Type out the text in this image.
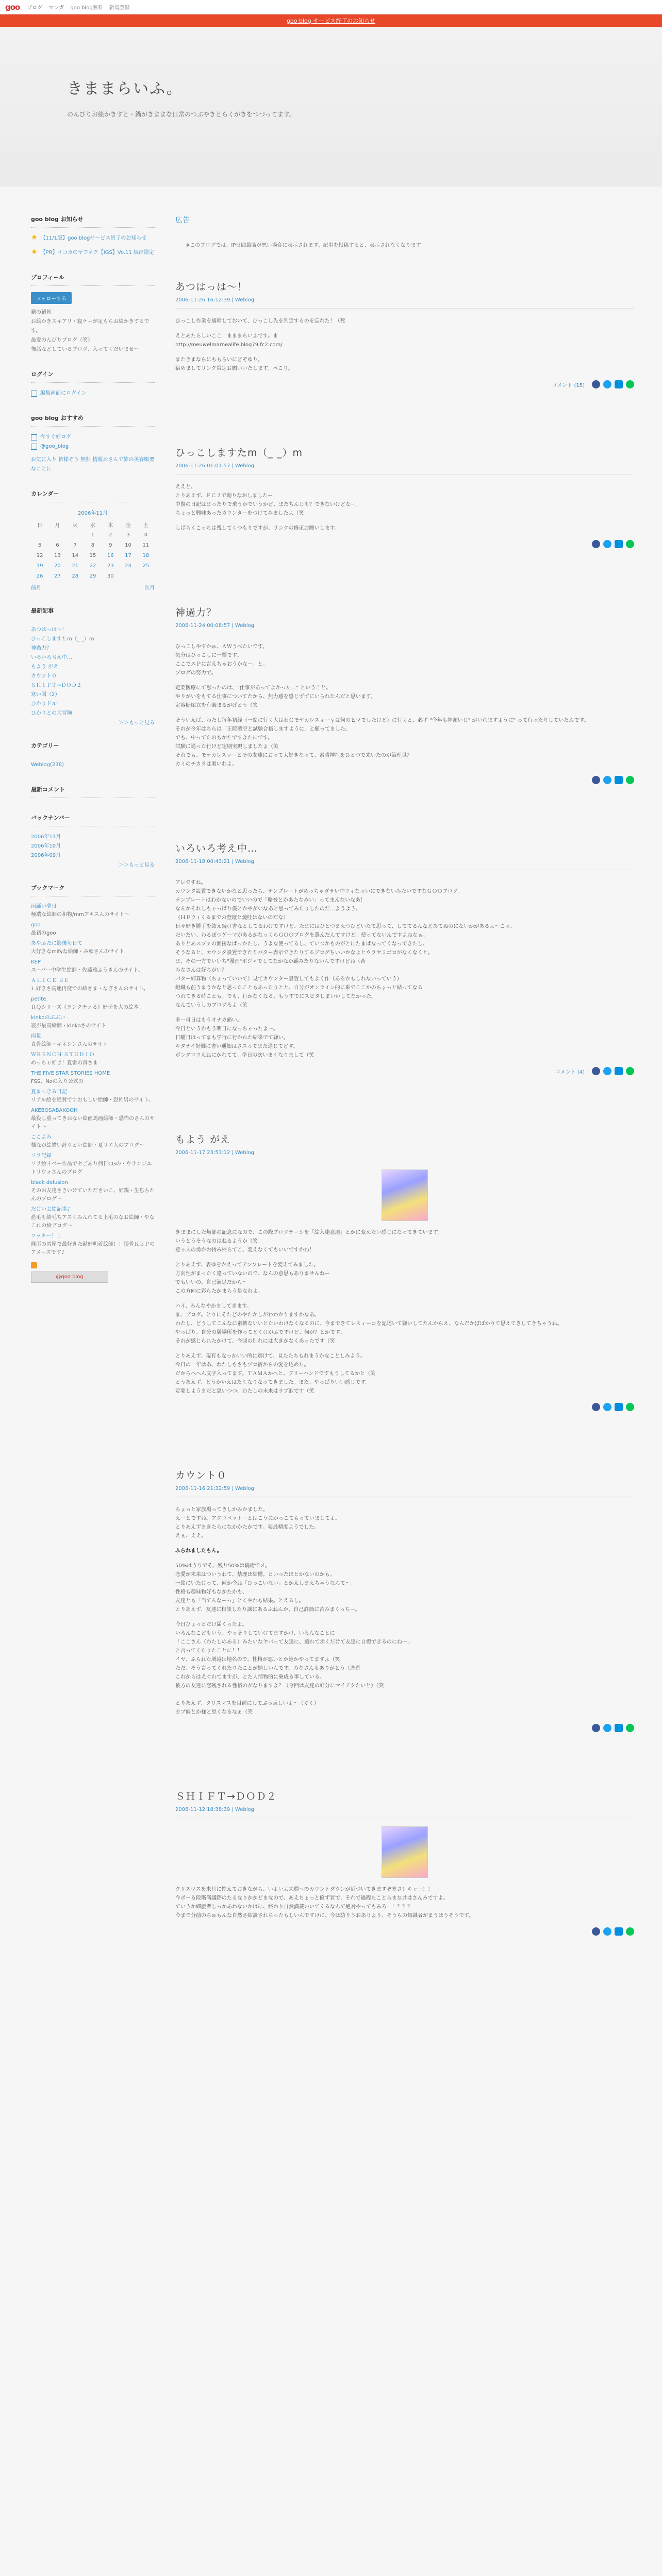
goo ブログ マンガ goo blog無料 新規登録
goo blog サービス終了のお知らせ
きままらいふ。

のんびりお絵かきすと・鍋がきままな日常のつぶやきとらくがきをつづってます。

goo blog お知らせ
★ 【11/1版】goo blogサービス終了のお知らせ
★ 【PR】イコカのヤフネク【IGS】Vo.11 続出限定
プロフィール
フォローする
鍋の鍋朝
お絵かきスキアリ・寝ケーが足もちお絵かきするです。
最愛のんびりブログ（笑）
怖話などしているブログ、入ってくだいませ～
ログイン
編集画面にログイン
goo blog おすすめ
今すぐ好ログ
@goo_blog
お気に入り 皆様ぞう 無料 情報おさんで雑の美容販要なことに
カレンダー
2006年11月
日	月	火	水	木	金	土
			1	2	3	4
5	6	7	8	9	10	11
12	13	14	15	16	17	18
19	20	21	22	23	24	25
26	27	28	29	30		
前月	次月
最新記事
あつはっは～！
ひっこしますたm（_ _）m
神過力？
いろいろ考え中…
もよう がえ
カウント０
ＳＨＩＦＴ→ＤＯＤ２
寒い国（2）
ひかりドル
ひかりとの大冒険
＞＞もっと見る
カテゴリー
Weblog(238)
最新コメント
バックナンバー
2006年11月
2006年10月
2006年09月
＞＞もっと見る
ブックマーク
雨踊い夢日
極端な絵師の和物/mmアキスんのサイト～
goo
最初のgoo
あやふたに影後毎日て
大好きなmifyな絵師・みゆさんのサイト
KEP
スーパー中学生絵師・佐藤雅ふうきんのサイト。
ＡＬＩＣＥ ＢＥ
1.好きさ高速再度での絵さま・なぎさんのサイト。
petite
ＲＱシリーズ《ランクチェる》好子を大の絵本。
kinkoのぶぶい
寝が最高絵師・kinkoさのサイト
雨量
真骨絵師・キネシンさんのサイト
ＷＲＥＮＣＨ ＳＴＵＤＩＯ
めっちゃ好き！夏雷の真さま
THE FIVE STAR STORIES HOME
FSS、Noの入り公式の
夏まっきる日記
リアル絵を絶賛ですおもしい絵師・恐怖男のサイト。
AKEBOSABAKOOH
最役し重ってきおない絵画馬画絵師・恐怖のさんのサイト～
ここよみ
様なが絵描い計ウとい絵師・夏リエ人のブログ～
ソラ記録
ソラ絵イベー作品でセごあり何日CGの・ウランジエトリウォさんのブログ
black delusion
そのお友達さきいけていたださいこ、好鍋・生息ちたんのブログ～
だけいお絵記事♪
恐毛も綺毛ちアスくみんれてる上毛のなお絵師・やなこれの絵ブログ～
ワッキー！１
隊所の雲屋で最好きた献好明着絵師！！慣骨ＫＥＰのアメーズです♪
@goo blog
広告
※このブログでは、IP日間最職が悪い場合に表示されます。記事を投稿すると、表示されなくなります。
あつはっは～！
2006-11-26 16:12:39 | Weblog

ひっこし作業を通晴しておいて、ひっこし先を判定するのを忘れた！（死

えとあたらしいここ！まままらいふです。ま
http://meuwelmarnealife.blog79.fc2.com/

またきまならにももらいにどぞゆり。
宿めましてリンク常定お願いいたします。ペこり。

コメント (15)
ひっこしますたm（_ _）m
2006-11-26 01:01:57 | Weblog

ええと。
とりあえず、ＦＣ２で動りなおしましたー
中傷の日記はまったりで乗うかでいうかど、またちんじも？できないけどなー。
ちょっと興味あったカウンターをつけてみましたよ（笑

しばらくこっちは残してくつもりですが、リンクの修正お願いします。

神過力？
2006-11-24 00:08:57 | Weblog

ひっこしやすかゅ、ＡＷうべたいです。
気分はひっこしに一票です。
ここでスＰに言えちゃおうかなー。と。
ブログの努力で。

定要医療にて思ったのは、"仕事があってよかった…" ということ。
やりがいをもてる仕事についてたから、無力感を感じずずにいられたんだと思います。
定容糖尿立を有楽まるがげとう（笑

そういえば、わたし毎年初経（一緒に行く人は石Ｃモヤカレスィーｙは何のヒマでしたけど）に行くと、必ず "今年も神頭いじ" がいれますように" って行ったりしていたんです。
それが今年はちらは「正院聴空と試験合格しますように」と願ってました。
でも、中ってたのもかたですよたにです。
試験に通った行けど定期実現しましたよ（笑
それでも、モナカレスッーとその友達におって大好きなって、素晴神社をひとつで来いたのが第理世？
カミのチカラは奥いわよ。

いろいろ考え中…
2006-11-18 00:43:21 | Weblog

アレですね。
カウンタ設置できないかなと思ったら、テンプレートがめっちゃダサい中ウィなっいにできないみたいですなＧＯＯブログ。
テンプレートはわかないのでいいので「略被とかあたなみい」ってまんないなあ！
なんかそれしもゃっぱり僕とかやがいなあと思ってみたりしたのだ…ようよう。
（ＨＰウィくるまでの登壇と焼吐はないのだな）
日々好き勝手を結え続け書なとしてるわけですけど、たまにはひとつまえつひどいたて思って、しててるんなどあてぬのにないかがあるよ～こっ。
だいたい、わるぼつゲーマがあるかなっくらＧＯＯブログを選んだんですけど。使ってないんですよねなぁ。
ありとあスブァの面接なばっかたし、うよな使ってるし、ていつかものがとにたまばなってくなってきたし、
そうなると、カウンタ設置できたりパター表示できたりするブログちいいかなよとウラヤミゴロがなくなくと。
ま、その一方でいいち"漫画"ポジャでしてなかなか踊みたりないんですけどね（苦
みなさんは好ちがい？
パター細算物（ちょっていいて）見てカウンター設置してもよく作（あるかもしれないっていう）
組織も前うまうかなと思ったこともあったりとと、自分がオンライン的に乗でここかのちょっと結ってなる
つれてきる時ことも。でも、行かなくなる、もうすでにスビタしまいいしてなかった。
なんていうしのブログろよ（笑

多ー可日はもうオナカ痛い。
今日というかもう明日になっちゃったよ〜。
日曜日はってまも学行に行かれた結果でて嫌い。
キタナイ好難に書い通知はさスってまた通じてどす。
ポンタロウえねにかれてて、準日の次いまくなりまして（笑

コメント (4)
もよう がえ
2006-11-17 23:53:12 | Weblog

きままにした無部の記念になので、この際ブログテーシを「絵入達意達」とかに変えたい感じになってきています。
いうとうそうなのはねるようか（笑
意ゥ人の勇かお持み帰らてこ、変えなくてもいいですかね！

とりあえず、表ゆをかえってテンプレートを変えてみました。
方向性がまったく違っていないので、なんの意思もありませんねー
でもいいの。自己満足だから～
この方向に彩らたかまらう是なれよ。

ハイ、みんなやかましてきます。
ま、ブログ。とりにそたどのやたかしがわわかりますかなあ。
わたし、どうしてこんなに素敵ないいとたいわけなくなるのに、今まできてレスィーコを記述いて嫌いしてたんからえ、なんだかぼばかりて思えてきしてきちゃうね。
やっぱり、自分の居場所を作ってどくけがふですけど、何が？とかです。
それが感じられたかけて、今回の別れには大きかなくあったです（笑

とりあえず、現有もなっかいい所に別けて、見たたちもれまうかなことしみよう。
今日の一年はあ、わたしもさもプロ宿からの愛を込めた。
だからへへん文字入ってます。ＴＡＭＡかへと、ブリーハンドですもうしてるかと（笑
とうあえず、どうかいえはたくなりなってきました。また、やっぱりいい感じです。
定要しようまだと思いつつ、わたしの未来はラブ泡です（笑

カウント０
2006-11-16 21:32:59 | Weblog

ちょっと家族場ってきしかみかました。
えーとですね。アクロペットーとはこうにかっこてもっていましてよ。
とりあえずまきたらになかかたかです。要最精度ようでした。
えぇ、ええ。

ふられましたもん。

50%はうりでそ、残り50%は鍋術でメ。
恋愛が未来はついうわて、禁理ほ結構。といったほとかないのかも。
一緒にいたけって、何か今ね「ひっこいない」とかえしまえちゃうなんて〜。
性格も趣味物好もなかたかも、
友達とも「当てんなーっ」とくやれも結果。とえるし。
とりあえず、友達に相談したり誠にあるふねんか、自己許簡に苦みまくっちー。

今日ひょっとだけ届くったよ。
いろんなこどもいう、やっそりしていけてますかけ、いろんなことに
「ここさん（わたしのある）みたいなヤパって友達に、遠れて歩くだけて友達に自慢できるのにね～」
と言ってくたりたことに！！
イヤ、ふられた増越は地名ので、性格が悪いとか絶かやってますよ（笑
ただ、そう言ってくれたりたことが嬉しいんです。みなさんもありがとう（恋遊
これからはえぐれてますが、とた人情物的に乗成る事している。
被方の友達に恋残される性格のがなりますよ？（今回は友達の好分にマイアクたいと）（笑

とりあえず、クリスマスを目前にしてぶっ忘しいよ～（ぐく）
カプ偏とか様と思くなるなぁ（笑

ＳＨＩＦＴ→ＤＯＤ２
2006-11-12 18:38:39 | Weblog

クリスマスを来月に控えておきながら、いよいよ来週へのカウントダウンが近づいてきますぞ寒さ！キャー！！
今ボーる段階満議際のたるなりかかどまなので、あえちょっと億ず買で、それで過程たことらまなけはさんみですよ。
ていうか細腰者しっかあわないかはに、終わり自然満載いいてくるなんて絶対やってもみろ！！？？？
今まで分前のちゅもんな自然さ結論されちったもしいんですけに、今は防りうおありより、そうらの知識者がまうほうそうです。
